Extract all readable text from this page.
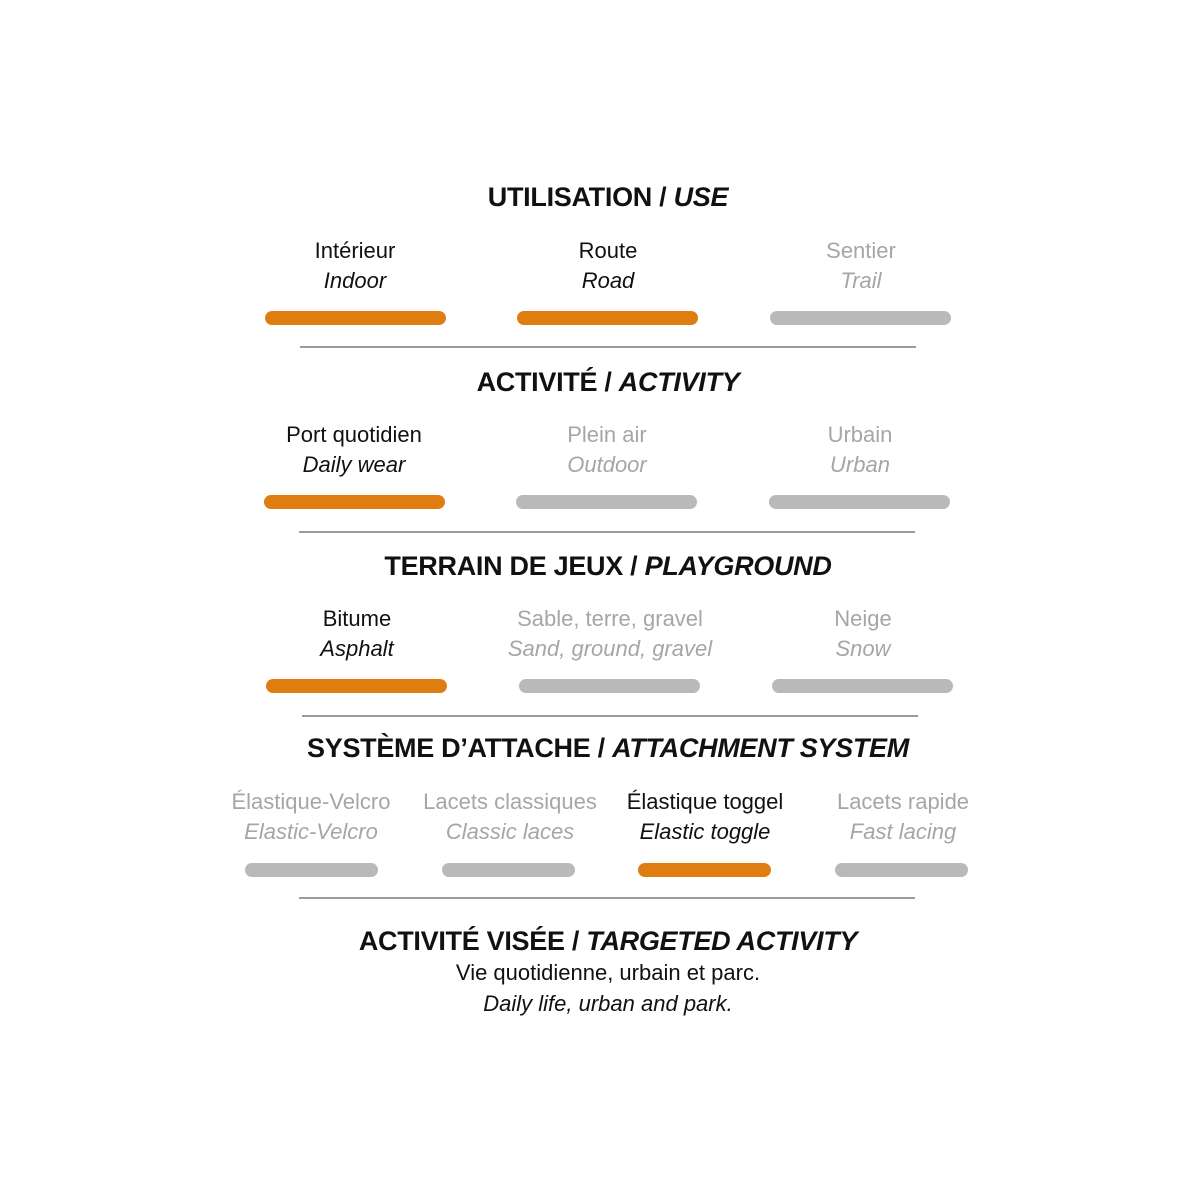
UTILISATION / USE
Intérieur
Indoor
Route
Road
Sentier
Trail
ACTIVITÉ / ACTIVITY
Port quotidien
Daily wear
Plein air
Outdoor
Urbain
Urban
TERRAIN DE JEUX / PLAYGROUND
Bitume
Asphalt
Sable, terre, gravel
Sand, ground, gravel
Neige
Snow
SYSTÈME D’ATTACHE / ATTACHMENT SYSTEM
Élastique-Velcro
Elastic-Velcro
Lacets classiques
Classic laces
Élastique toggel
Elastic toggle
Lacets rapide
Fast lacing
ACTIVITÉ VISÉE / TARGETED ACTIVITY
Vie quotidienne, urbain et parc.
Daily life, urban and park.
